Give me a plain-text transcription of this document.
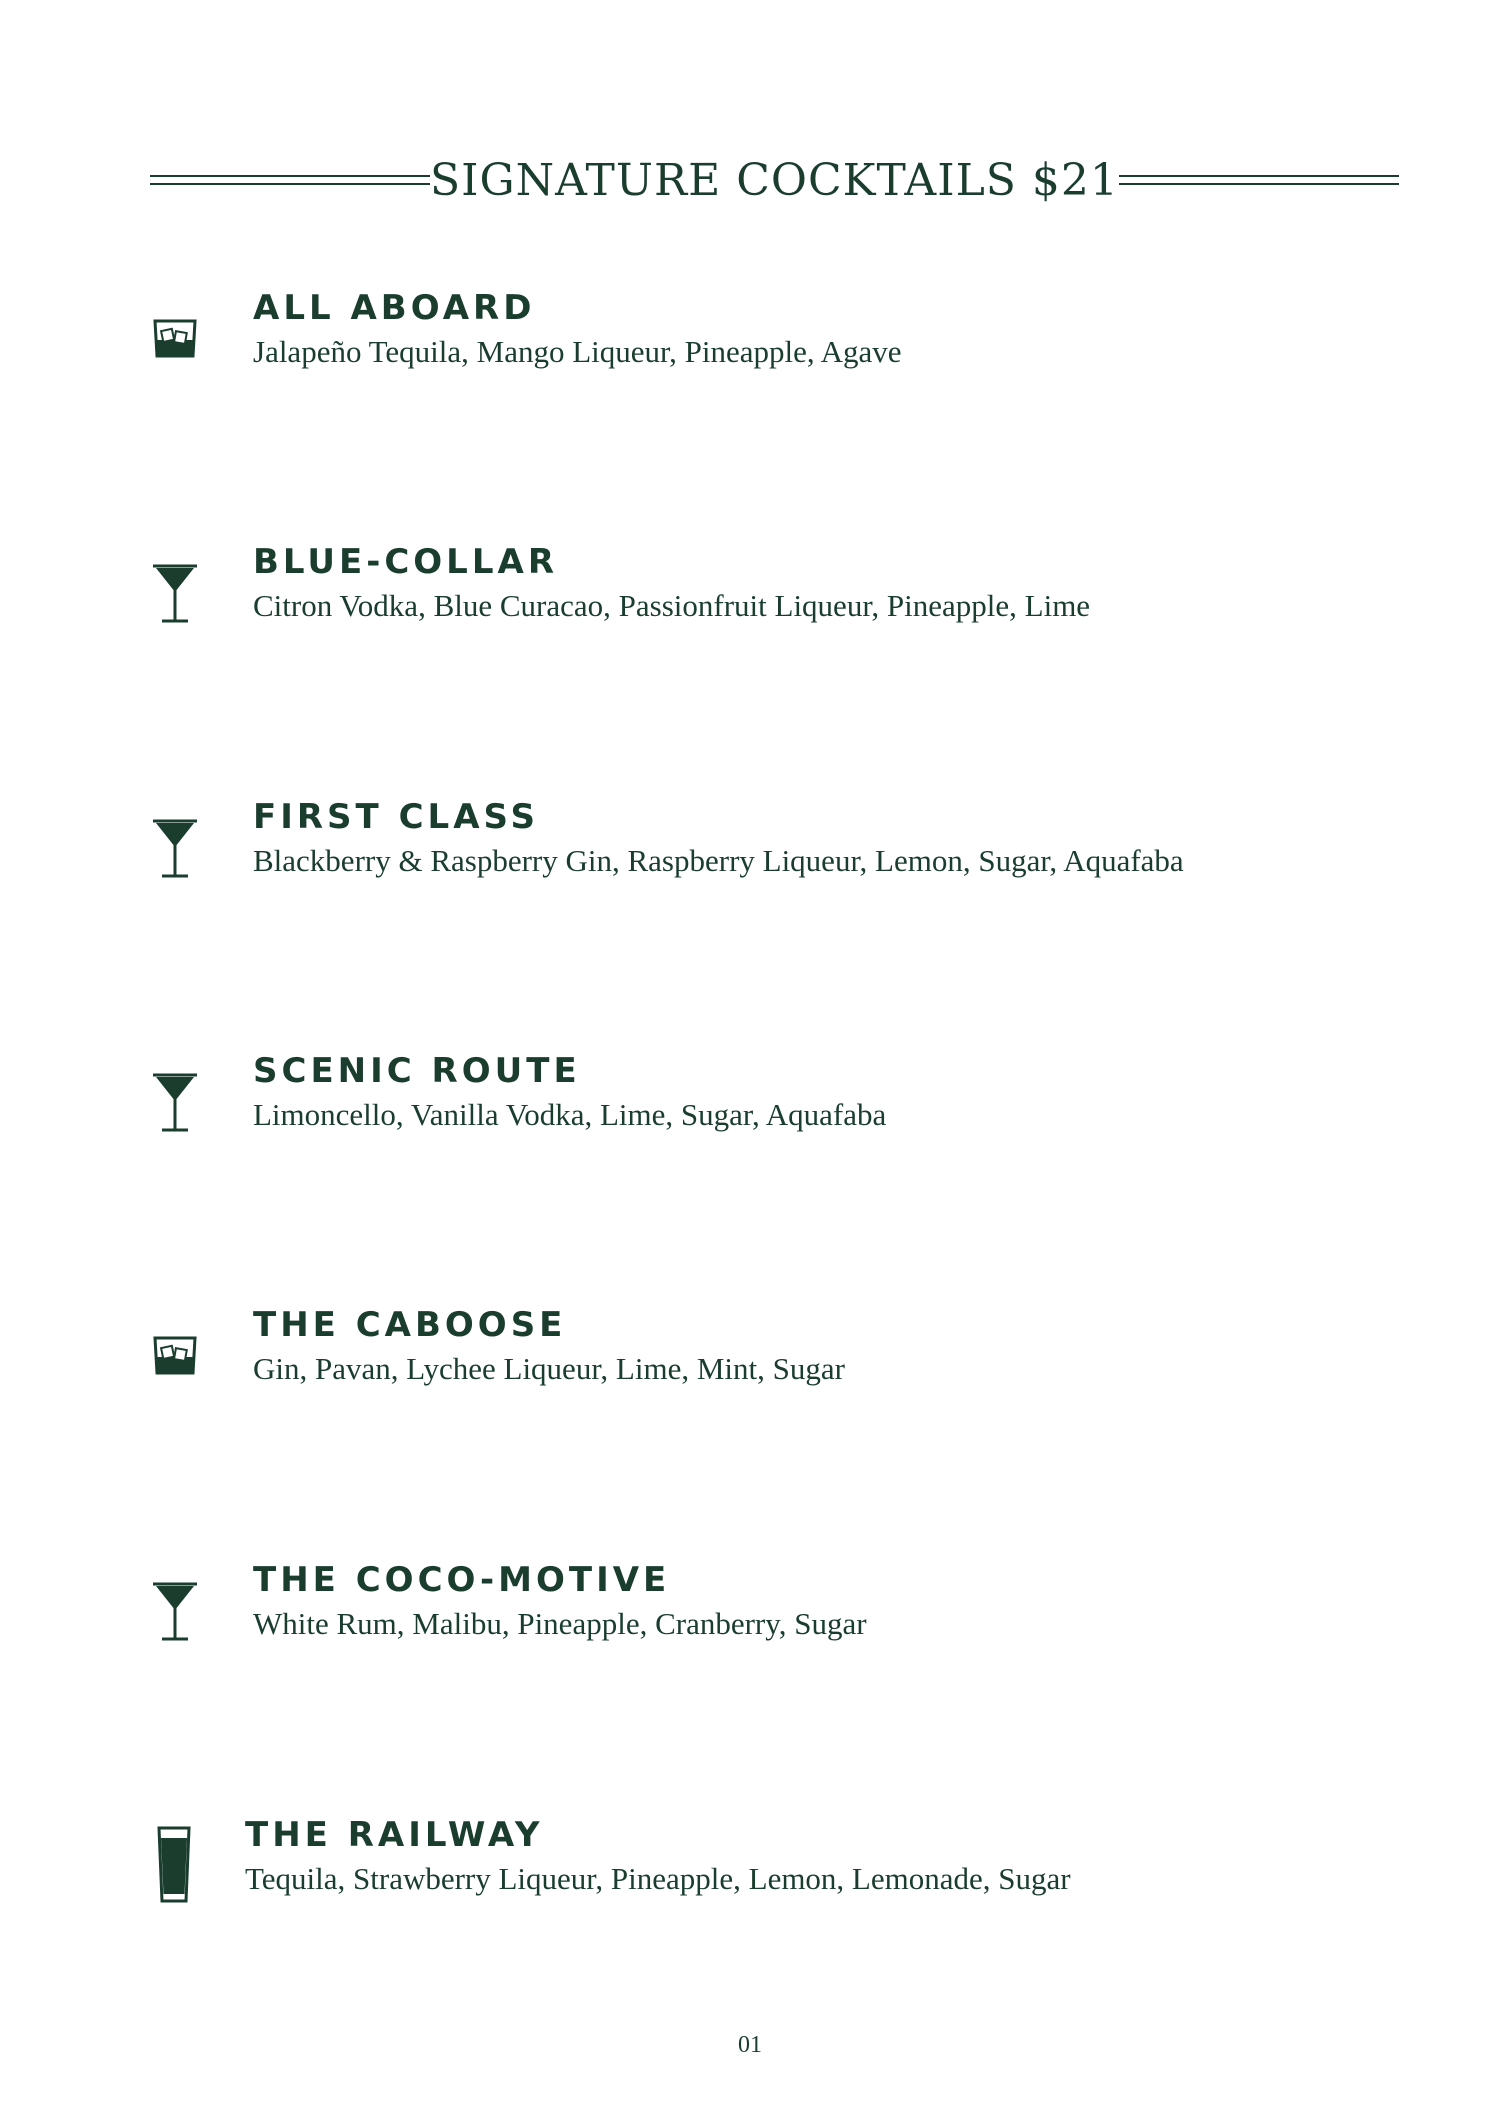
SIGNATURE COCKTAILS $21
ALL ABOARD
Jalapeño Tequila, Mango Liqueur, Pineapple, Agave
BLUE-COLLAR
Citron Vodka, Blue Curacao, Passionfruit Liqueur, Pineapple, Lime
FIRST CLASS
Blackberry & Raspberry Gin, Raspberry Liqueur, Lemon, Sugar, Aquafaba
SCENIC ROUTE
Limoncello, Vanilla Vodka, Lime, Sugar, Aquafaba
THE CABOOSE
Gin, Pavan, Lychee Liqueur, Lime, Mint, Sugar
THE COCO-MOTIVE
White Rum, Malibu, Pineapple, Cranberry, Sugar
THE RAILWAY
Tequila, Strawberry Liqueur, Pineapple, Lemon, Lemonade, Sugar
01
